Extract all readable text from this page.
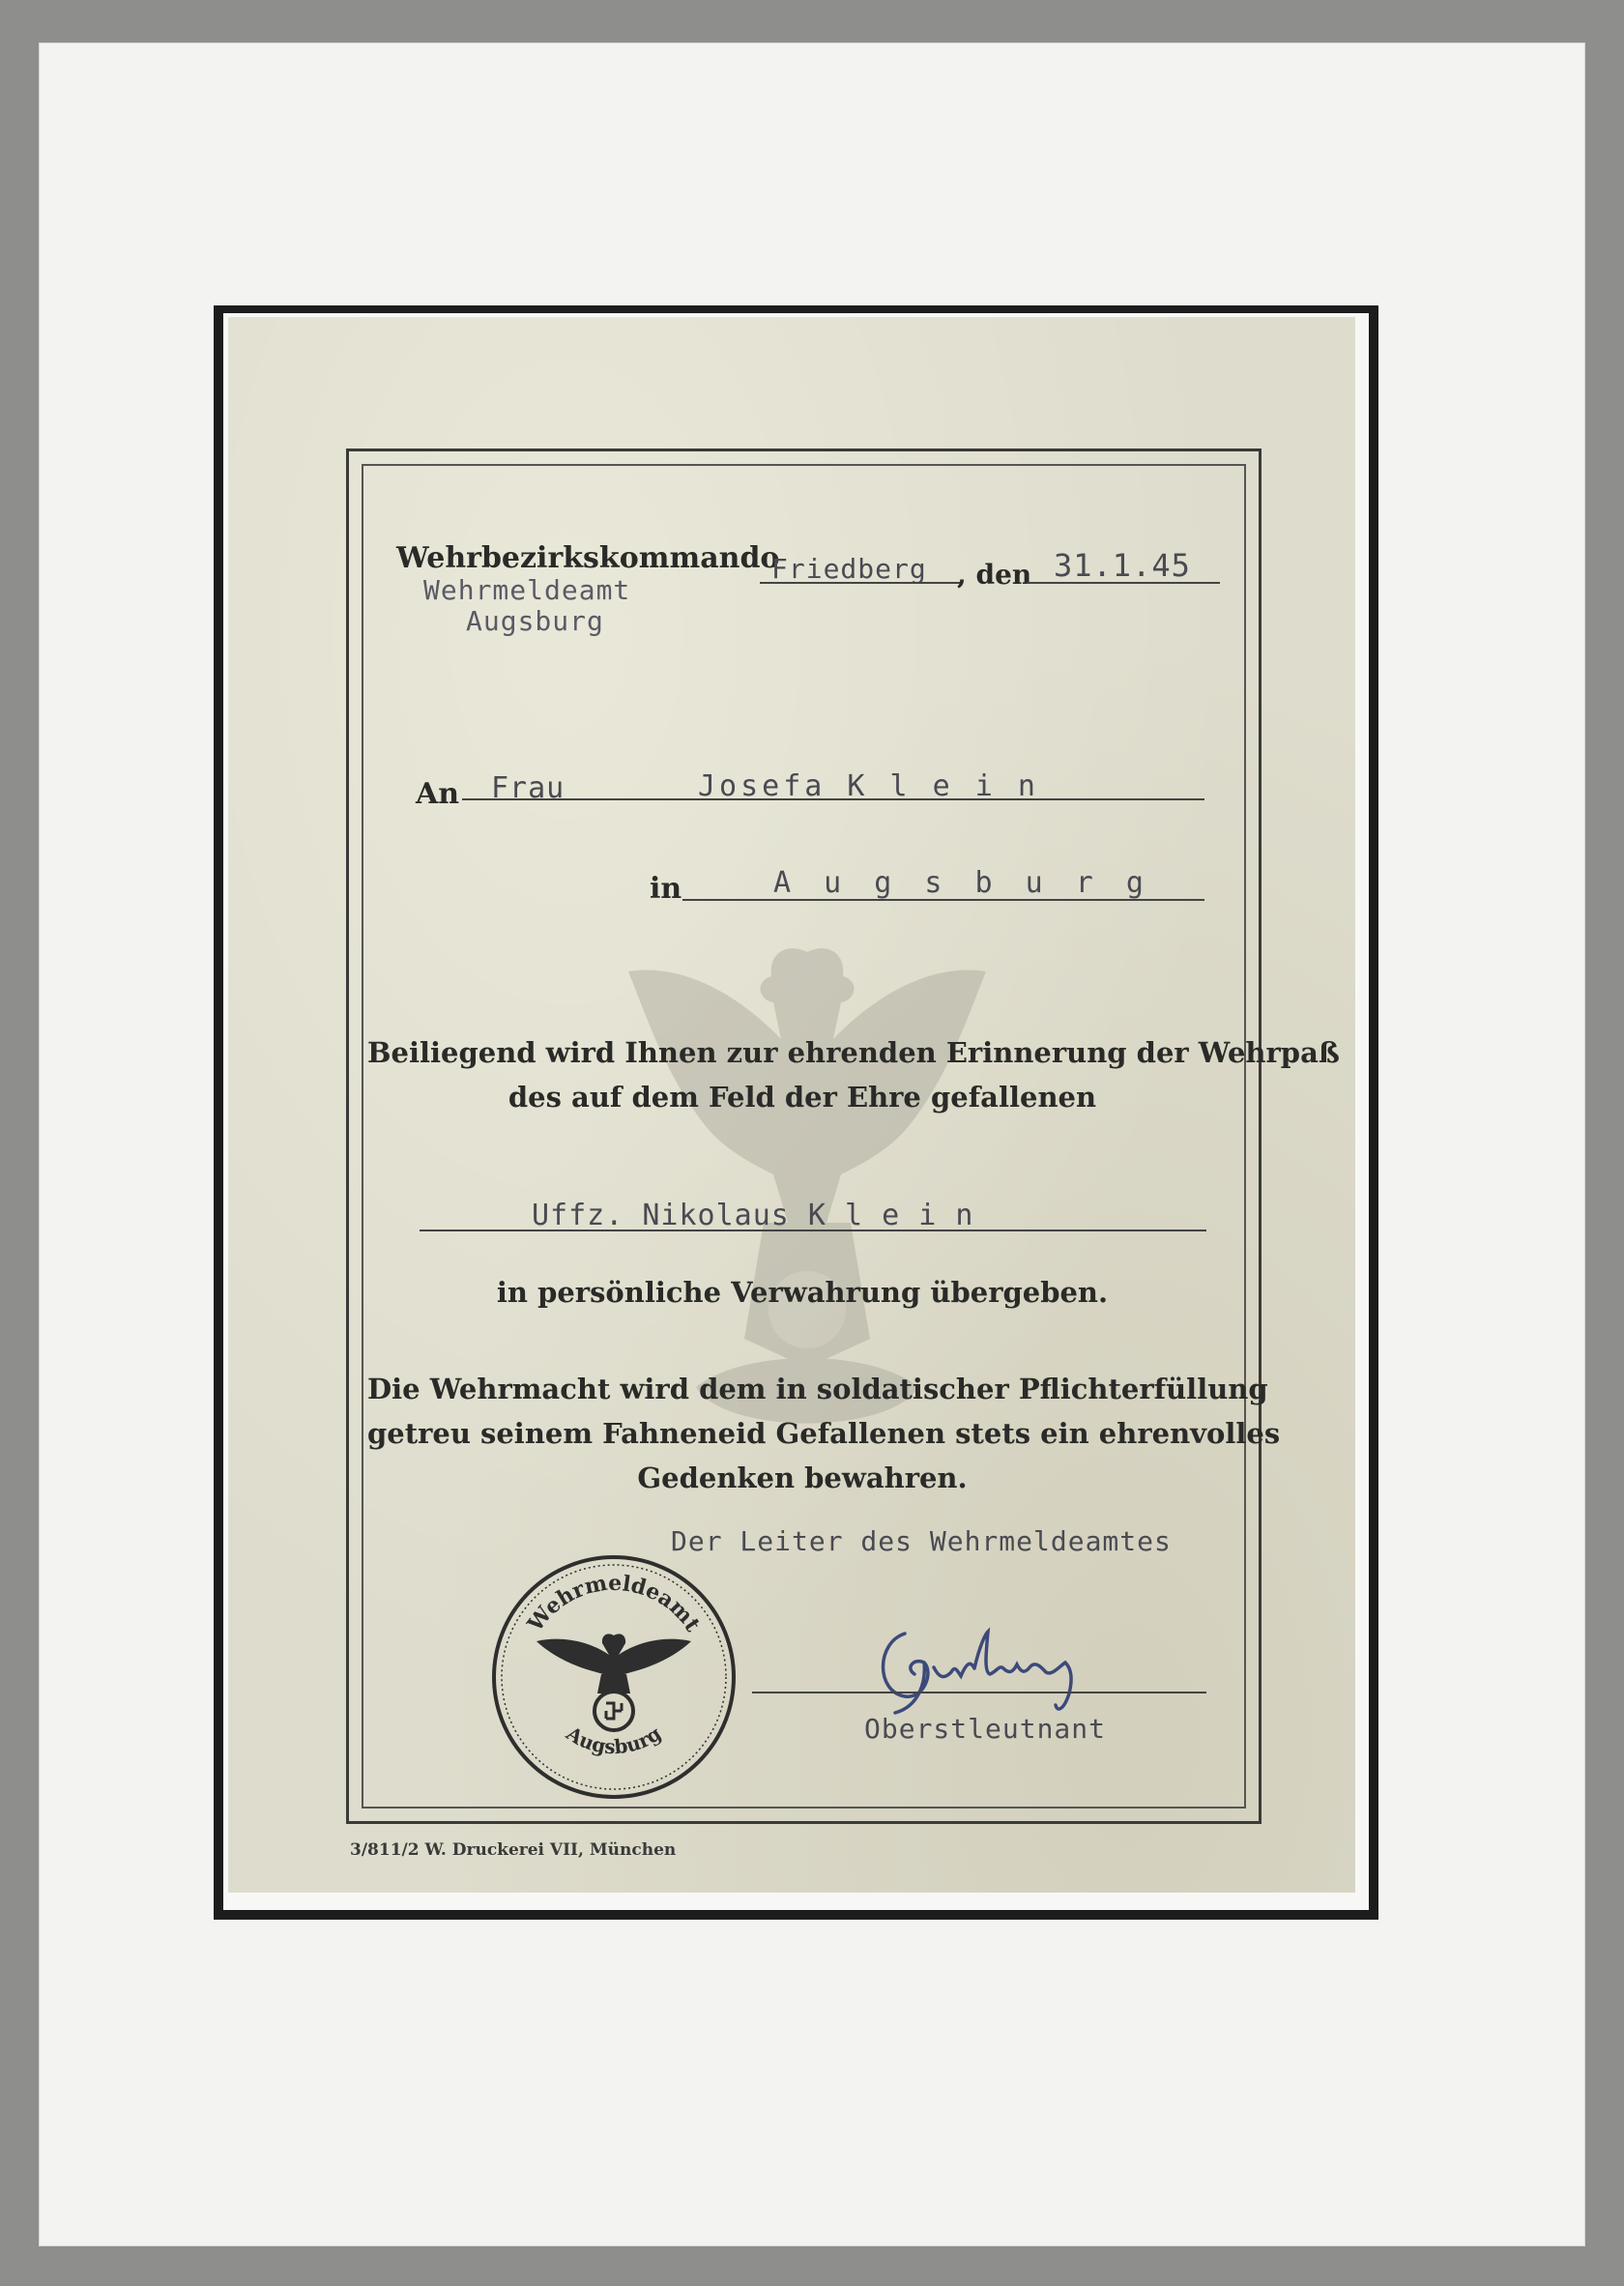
Wehrbezirkskommando
Wehrmeldeamt
Augsburg
Friedberg , den 31.1.45
An Frau	Josefa K l e i n
in	A u g s b u r g
Beiliegend wird Ihnen zur ehrenden Erinnerung der Wehrpaß
des auf dem Feld der Ehre gefallenen
Uffz. Nikolaus K l e i n
in persönliche Verwahrung übergeben.
Die Wehrmacht wird dem in soldatischer Pflichterfüllung
getreu seinem Fahneneid Gefallenen stets ein ehrenvolles
Gedenken bewahren.
Der Leiter des Wehrmeldeamtes
Wehrmeldeamt
Augsburg	Oberstleutnant
3/811/2 W. Druckerei VII, München
